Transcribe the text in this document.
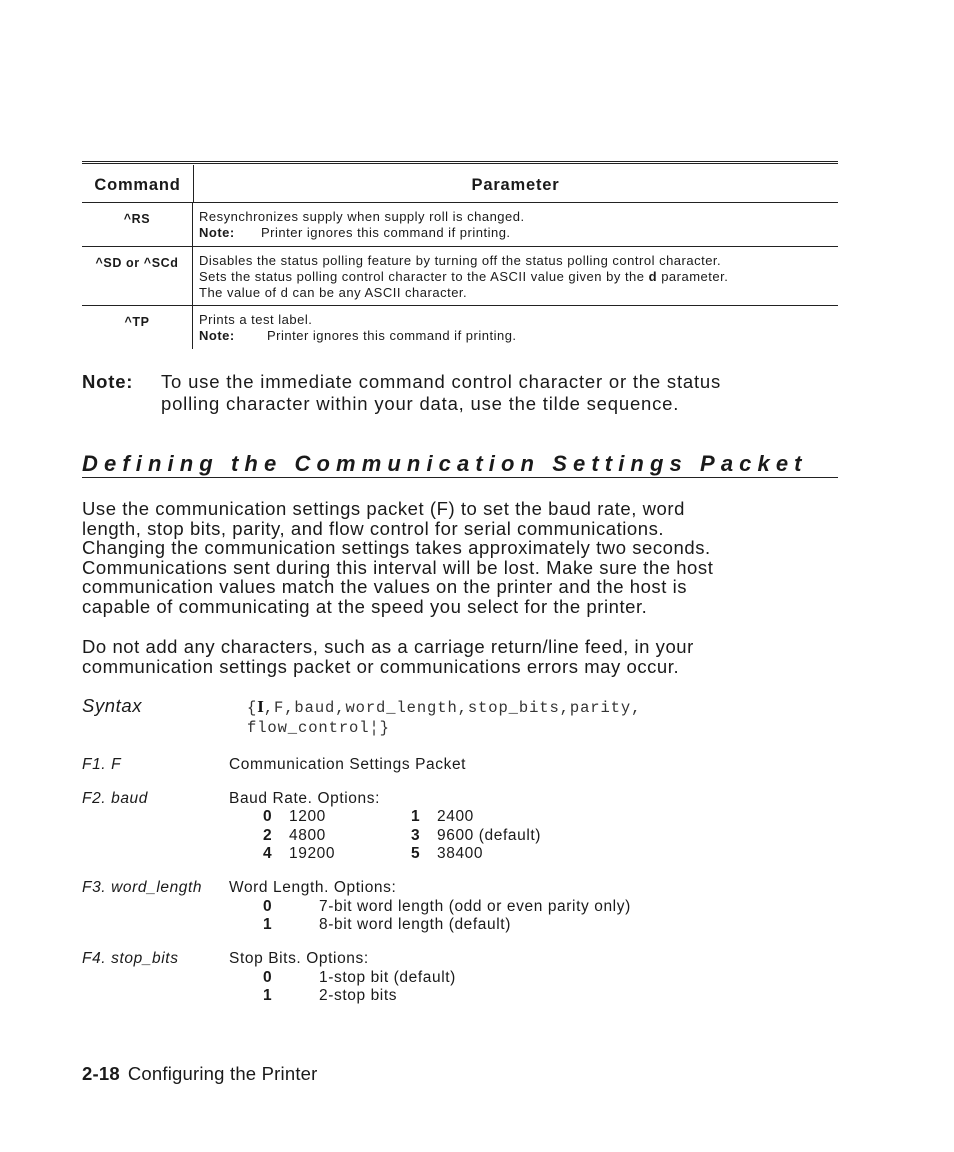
Command	Parameter
^RS	Resynchronizes supply when supply roll is changed.
Note: Printer ignores this command if printing.
^SD or ^SCd	Disables the status polling feature by turning off the status polling control character.
Sets the status polling control character to the ASCII value given by the d parameter.
The value of d can be any ASCII character.
^TP	Prints a test label.
Note: Printer ignores this command if printing.
Note: To use the immediate command control character or the status
polling character within your data, use the tilde sequence.
Defining the Communication Settings Packet
Use the communication settings packet (F) to set the baud rate, word
length, stop bits, parity, and flow control for serial communications.
Changing the communication settings takes approximately two seconds.
Communications sent during this interval will be lost. Make sure the host
communication values match the values on the printer and the host is
capable of communicating at the speed you select for the printer.
Do not add any characters, such as a carriage return/line feed, in your
communication settings packet or communications errors may occur.
Syntax	{I,F,baud,word_length,stop_bits,parity,
flow_control¦}
F1. F	Communication Settings Packet
F2. baud	Baud Rate. Options:
0 1200	1 2400
2 4800	3 9600 (default)
4 19200	5 38400
F3. word_length Word Length. Options:
0	7-bit word length (odd or even parity only)
1	8-bit word length (default)
F4. stop_bits	Stop Bits. Options:
0	1-stop bit (default)
1	2-stop bits
2-18 Configuring the Printer
